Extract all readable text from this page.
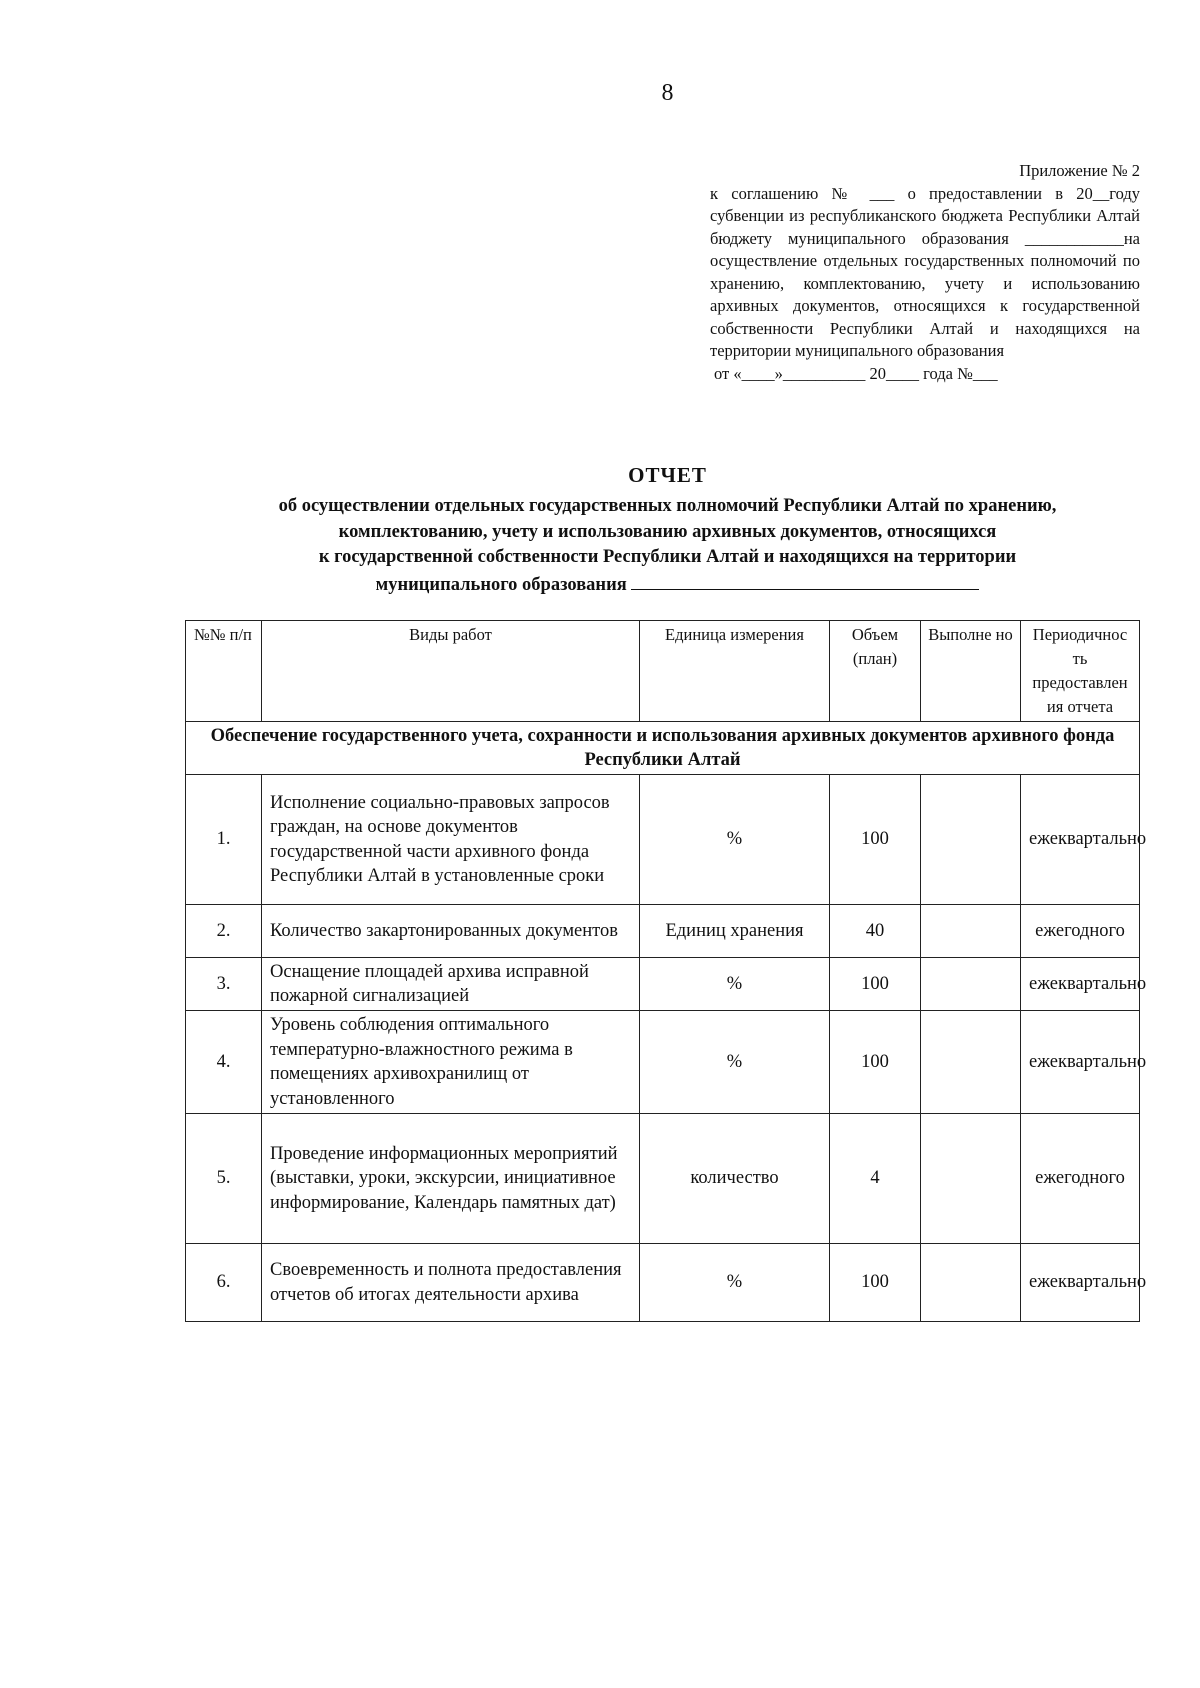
8
Приложение № 2
к соглашению № ___ о предоставлении в 20__году субвенции из республиканского бюджета Республики Алтай бюджету муниципального образования ____________на осуществление отдельных государственных полномочий по хранению, комплектованию, учету и использованию архивных документов, относящихся к государственной собственности Республики Алтай и находящихся на территории муниципального образования
от «____»__________ 20____ года №___
ОТЧЕТ
об осуществлении отдельных государственных полномочий Республики Алтай по хранению,
комплектованию, учету и использованию архивных документов, относящихся
к государственной собственности Республики Алтай и находящихся на территории
муниципального образования
№№ п/п	Виды работ	Единица измерения	Объем (план)	Выполне но	Периодичнос ть предоставлен ия отчета
Обеспечение государственного учета, сохранности и использования архивных документов архивного фонда Республики Алтай					
1.	Исполнение социально-правовых запросов граждан, на основе документов государственной части архивного фонда Республики Алтай в установленные сроки	%	100		ежеквартально
2.	Количество закартонированных документов	Единиц хранения	40		ежегодного
3.	Оснащение площадей архива исправной пожарной сигнализацией	%	100		ежеквартально
4.	Уровень соблюдения оптимального температурно-влажностного режима в помещениях архивохранилищ от установленного	%	100		ежеквартально
5.	Проведение информационных мероприятий (выставки, уроки, экскурсии, инициативное информирование, Календарь памятных дат)	количество	4		ежегодного
6.	Своевременность и полнота предоставления отчетов об итогах деятельности архива	%	100		ежеквартально
